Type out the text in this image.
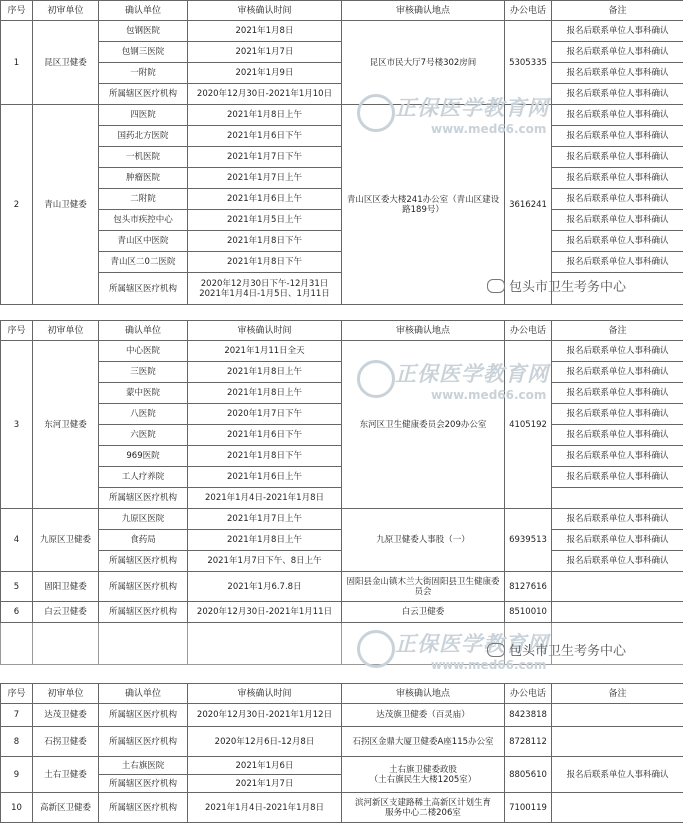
序号	初审单位	确认单位	审核确认时间	审核确认地点	办公电话	备注
1	昆区卫健委	包钢医院	2021年1月8日	昆区市民大厅7号楼302房间	5305335	报名后联系单位人事科确认
		包钢三医院	2021年1月7日			报名后联系单位人事科确认
		一附院	2021年1月9日			报名后联系单位人事科确认
		所属辖区医疗机构	2020年12月30日-2021年1月10日			报名后联系单位人事科确认
2	青山卫健委	四医院	2021年1月8日上午	青山区区委大楼241办公室（青山区建设路189号）	3616241	报名后联系单位人事科确认
		国药北方医院	2021年1月6日下午			报名后联系单位人事科确认
		一机医院	2021年1月7日下午			报名后联系单位人事科确认
		肿瘤医院	2021年1月7日上午			报名后联系单位人事科确认
		二附院	2021年1月6日上午			报名后联系单位人事科确认
		包头市疾控中心	2021年1月5日上午			报名后联系单位人事科确认
		青山区中医院	2021年1月8日下午			报名后联系单位人事科确认
		青山区二0二医院	2021年1月8日下午			报名后联系单位人事科确认
		所属辖区医疗机构	2020年12月30日下午-12月31日
2021年1月4日-1月5日、1月11日			

序号	初审单位	确认单位	审核确认时间	审核确认地点	办公电话	备注
3	东河卫健委	中心医院	2021年1月11日全天	东河区卫生健康委员会209办公室	4105192	报名后联系单位人事科确认
		三医院	2021年1月8日上午			报名后联系单位人事科确认
		蒙中医院	2021年1月8日上午			报名后联系单位人事科确认
		八医院	2020年1月7日下午			报名后联系单位人事科确认
		六医院	2021年1月6日下午			报名后联系单位人事科确认
		969医院	2021年1月8日下午			报名后联系单位人事科确认
		工人疗养院	2021年1月6日上午			报名后联系单位人事科确认
		所属辖区医疗机构	2021年1月4日-2021年1月8日			
4	九原区卫健委	九原区医院	2021年1月7日上午	九原卫健委人事股（一）	6939513	报名后联系单位人事科确认
		食药局	2021年1月8日上午			报名后联系单位人事科确认
		所属辖区医疗机构	2021年1月7日下午、8日上午			报名后联系单位人事科确认
5	固阳卫健委	所属辖区医疗机构	2021年1月6.7.8日	固阳县金山镇木兰大街固阳县卫生健康委员会	8127616	
6	白云卫健委	所属辖区医疗机构	2020年12月30日-2021年1月11日	白云卫健委	8510010	

序号	初审单位	确认单位	审核确认时间	审核确认地点	办公电话	备注
7	达茂卫健委	所属辖区医疗机构	2020年12月30日-2021年1月12日	达茂旗卫健委（百灵庙）	8423818	
8	石拐卫健委	所属辖区医疗机构	2020年12月6日-12月8日	石拐区金鼎大厦卫健委A座115办公室	8728112	
9	土右卫健委	土右旗医院	2021年1月6日	土右旗卫健委政股
（土右旗民生大楼1205室）	8805610	报名后联系单位人事科确认
		所属辖区医疗机构	2021年1月7日			
10	高新区卫健委	所属辖区医疗机构	2021年1月4日-2021年1月8日	滨河新区支建路稀土高新区计划生育
服务中心二楼206室	7100119	
正保医学教育网
www.med66.com
正保医学教育网
www.med66.com
正保医学教育网
www.med66.com
包头市卫生考务中心
包头市卫生考务中心
